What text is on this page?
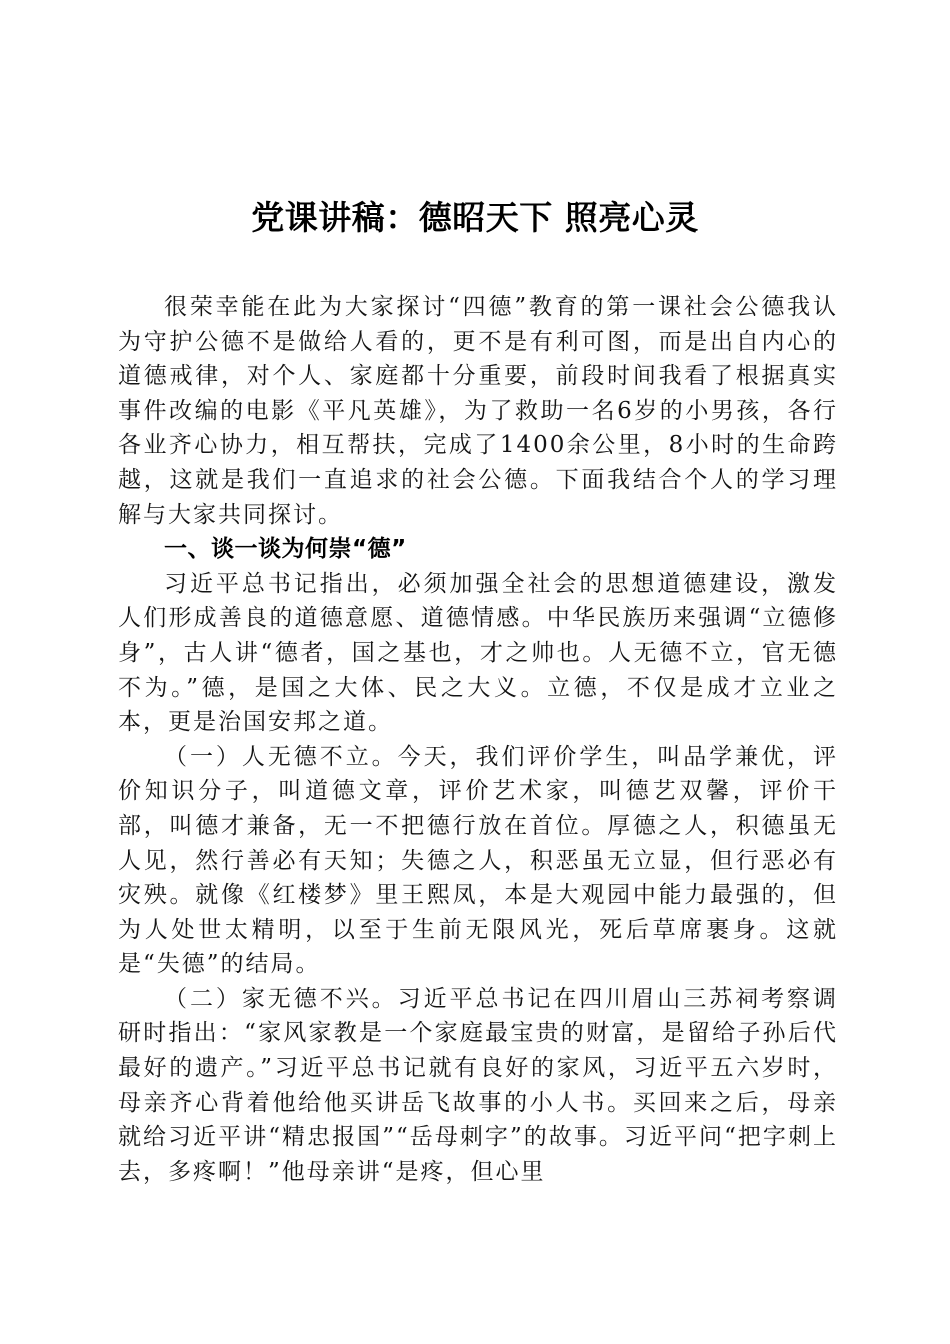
党课讲稿：德昭天下 照亮心灵

很荣幸能在此为大家探讨“四德”教育的第一课社会公德我认为守护公德不是做给人看的，更不是有利可图，而是出自内心的道德戒律，对个人、家庭都十分重要，前段时间我看了根据真实事件改编的电影《平凡英雄》，为了救助一名6岁的小男孩，各行各业齐心协力，相互帮扶，完成了1400余公里，8小时的生命跨越，这就是我们一直追求的社会公德。下面我结合个人的学习理解与大家共同探讨。

一、谈一谈为何崇“德”

习近平总书记指出，必须加强全社会的思想道德建设，激发人们形成善良的道德意愿、道德情感。中华民族历来强调“立德修身”，古人讲“德者，国之基也，才之帅也。人无德不立，官无德不为。”德，是国之大体、民之大义。立德，不仅是成才立业之本，更是治国安邦之道。

（一）人无德不立。今天，我们评价学生，叫品学兼优，评价知识分子，叫道德文章，评价艺术家，叫德艺双馨，评价干部，叫德才兼备，无一不把德行放在首位。厚德之人，积德虽无人见，然行善必有天知；失德之人，积恶虽无立显，但行恶必有灾殃。就像《红楼梦》里王熙凤，本是大观园中能力最强的，但为人处世太精明，以至于生前无限风光，死后草席裹身。这就是“失德”的结局。

（二）家无德不兴。习近平总书记在四川眉山三苏祠考察调研时指出：“家风家教是一个家庭最宝贵的财富，是留给子孙后代最好的遗产。”习近平总书记就有良好的家风，习近平五六岁时，母亲齐心背着他给他买讲岳飞故事的小人书。买回来之后，母亲就给习近平讲“精忠报国”“岳母刺字”的故事。习近平问“把字刺上去，多疼啊！”他母亲讲“是疼，但心里
